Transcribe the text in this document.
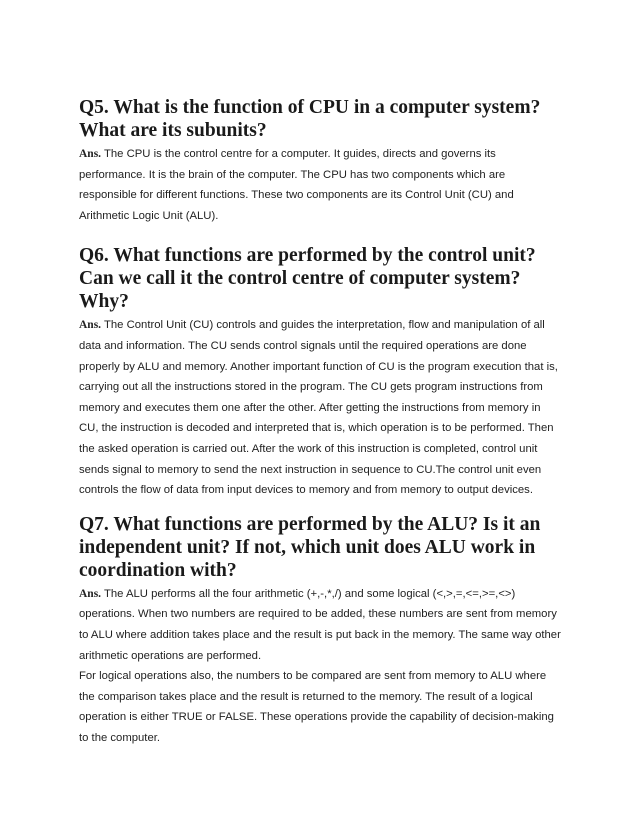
Q5. What is the function of CPU in a computer system? What are its subunits?

Ans. The CPU is the control centre for a computer. It guides, directs and governs its performance. It is the brain of the computer. The CPU has two components which are responsible for different functions. These two components are its Control Unit (CU) and Arithmetic Logic Unit (ALU).

Q6. What functions are performed by the control unit? Can we call it the control centre of computer system? Why?

Ans. The Control Unit (CU) controls and guides the interpretation, flow and manipulation of all data and information. The CU sends control signals until the required operations are done properly by ALU and memory. Another important function of CU is the program execution that is, carrying out all the instructions stored in the program. The CU gets program instructions from memory and executes them one after the other. After getting the instructions from memory in CU, the instruction is decoded and interpreted that is, which operation is to be performed. Then the asked operation is carried out. After the work of this instruction is completed, control unit sends signal to memory to send the next instruction in sequence to CU.The control unit even controls the flow of data from input devices to memory and from memory to output devices.

Q7. What functions are performed by the ALU? Is it an independent unit? If not, which unit does ALU work in coordination with?

Ans. The ALU performs all the four arithmetic (+,-,*,/) and some logical (<,>,=,<=,>=,<>) operations. When two numbers are required to be added, these numbers are sent from memory to ALU where addition takes place and the result is put back in the memory. The same way other arithmetic operations are performed.

For logical operations also, the numbers to be compared are sent from memory to ALU where the comparison takes place and the result is returned to the memory. The result of a logical operation is either TRUE or FALSE. These operations provide the capability of decision-making to the computer.
